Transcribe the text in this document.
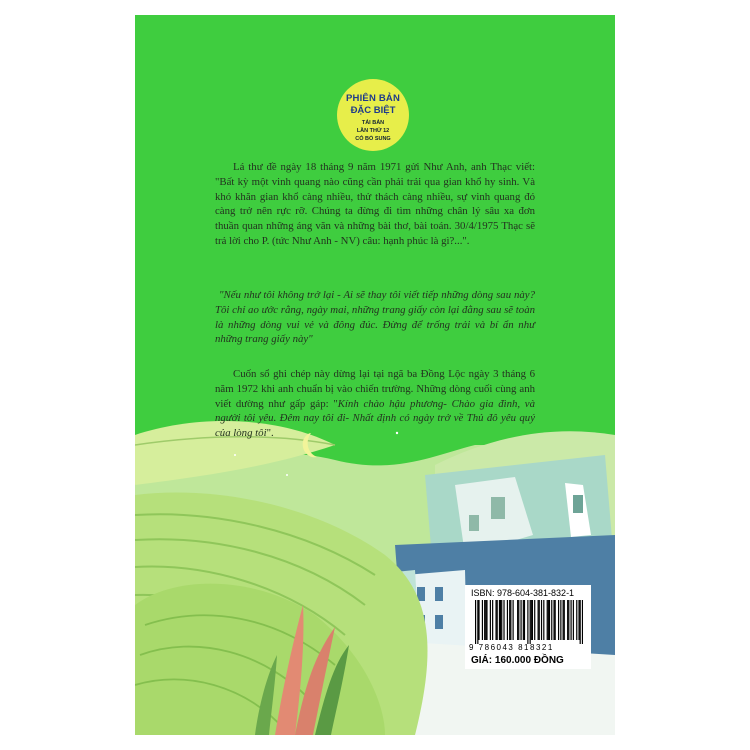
PHIÊN BẢN
ĐẶC BIỆT
TÁI BẢN
LẦN THỨ 12
CÓ BỔ SUNG
Lá thư đề ngày 18 tháng 9 năm 1971 gửi Như Anh, anh Thạc viết: "Bất kỳ một vinh quang nào cũng cần phải trải qua gian khổ hy sinh. Và khó khăn gian khổ càng nhiều, thử thách càng nhiều, sự vinh quang đó càng trở nên rực rỡ. Chúng ta đừng đi tìm những chân lý sâu xa đơn thuần quan những áng văn và những bài thơ, bài toán. 30/4/1975 Thạc sẽ trả lời cho P. (tức Như Anh - NV) câu: hạnh phúc là gì?...".
"Nếu như tôi không trở lại - Ai sẽ thay tôi viết tiếp những dòng sau này? Tôi chỉ ao ước rằng, ngày mai, những trang giấy còn lại đằng sau sẽ toàn là những dòng vui vẻ và đông đúc. Đừng để trống trải và bí ẩn như những trang giấy này"
Cuốn sổ ghi chép này dừng lại tại ngã ba Đồng Lộc ngày 3 tháng 6 năm 1972 khi anh chuẩn bị vào chiến trường. Những dòng cuối cùng anh viết dường như gấp gáp: "Kính chào hậu phương- Chào gia đình, và người tôi yêu. Đêm nay tôi đi- Nhất định có ngày trở về Thủ đô yêu quý của lòng tôi".
ISBN: 978-604-381-832-1
9 786043 818321
GIÁ: 160.000 ĐỒNG
